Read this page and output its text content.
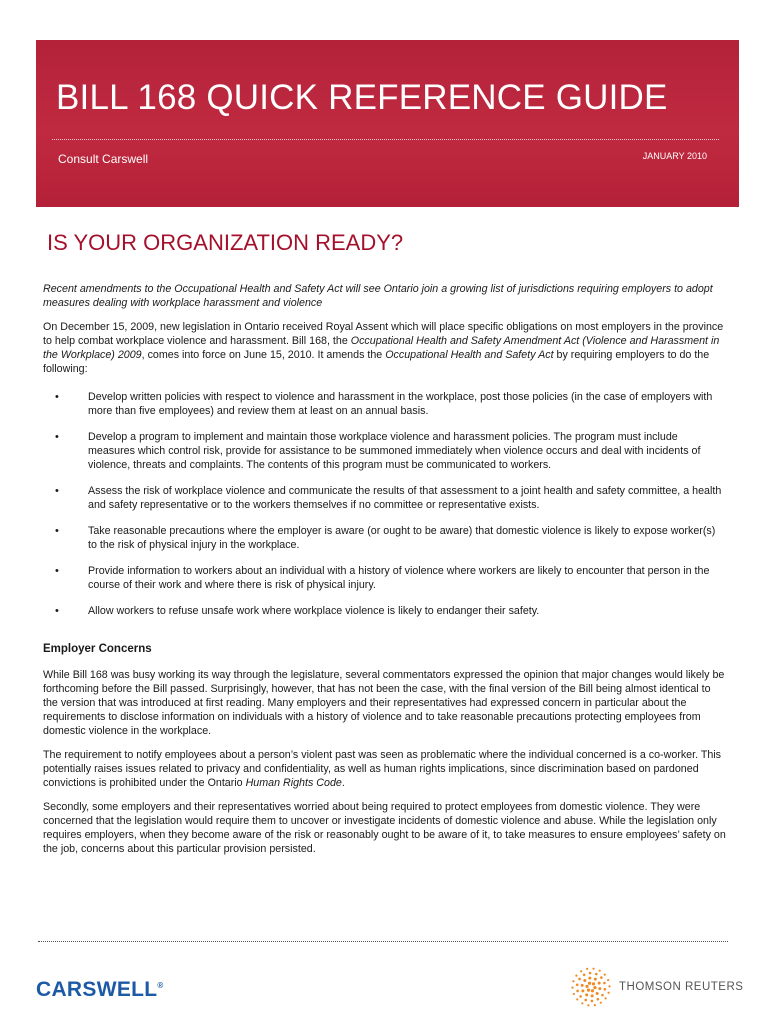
BILL 168 QUICK REFERENCE GUIDE
Consult Carswell	JANUARY 2010
IS YOUR ORGANIZATION READY?

Recent amendments to the Occupational Health and Safety Act will see Ontario join a growing list of jurisdictions requiring employers to adopt measures dealing with workplace harassment and violence

On December 15, 2009, new legislation in Ontario received Royal Assent which will place specific obligations on most employers in the province to help combat workplace violence and harassment. Bill 168, the Occupational Health and Safety Amendment Act (Violence and Harassment in the Workplace) 2009, comes into force on June 15, 2010. It amends the Occupational Health and Safety Act by requiring employers to do the following:

•	Develop written policies with respect to violence and harassment in the workplace, post those policies (in the case of employers with more than five employees) and review them at least on an annual basis.
•	Develop a program to implement and maintain those workplace violence and harassment policies. The program must include measures which control risk, provide for assistance to be summoned immediately when violence occurs and deal with incidents of violence, threats and complaints. The contents of this program must be communicated to workers.
•	Assess the risk of workplace violence and communicate the results of that assessment to a joint health and safety committee, a health and safety representative or to the workers themselves if no committee or representative exists.
•	Take reasonable precautions where the employer is aware (or ought to be aware) that domestic violence is likely to expose worker(s) to the risk of physical injury in the workplace.
•	Provide information to workers about an individual with a history of violence where workers are likely to encounter that person in the course of their work and where there is risk of physical injury.
•	Allow workers to refuse unsafe work where workplace violence is likely to endanger their safety.
Employer Concerns

While Bill 168 was busy working its way through the legislature, several commentators expressed the opinion that major changes would likely be forthcoming before the Bill passed. Surprisingly, however, that has not been the case, with the final version of the Bill being almost identical to the version that was introduced at first reading. Many employers and their representatives had expressed concern in particular about the requirements to disclose information on individuals with a history of violence and to take reasonable precautions protecting employees from domestic violence in the workplace.

The requirement to notify employees about a person’s violent past was seen as problematic where the individual concerned is a co-worker. This potentially raises issues related to privacy and confidentiality, as well as human rights implications, since discrimination based on pardoned convictions is prohibited under the Ontario Human Rights Code.

Secondly, some employers and their representatives worried about being required to protect employees from domestic violence. They were concerned that the legislation would require them to uncover or investigate incidents of domestic violence and abuse. While the legislation only requires employers, when they become aware of the risk or reasonably ought to be aware of it, to take measures to ensure employees’ safety on the job, concerns about this particular provision persisted.

CARSWELL®	THOMSON REUTERS
